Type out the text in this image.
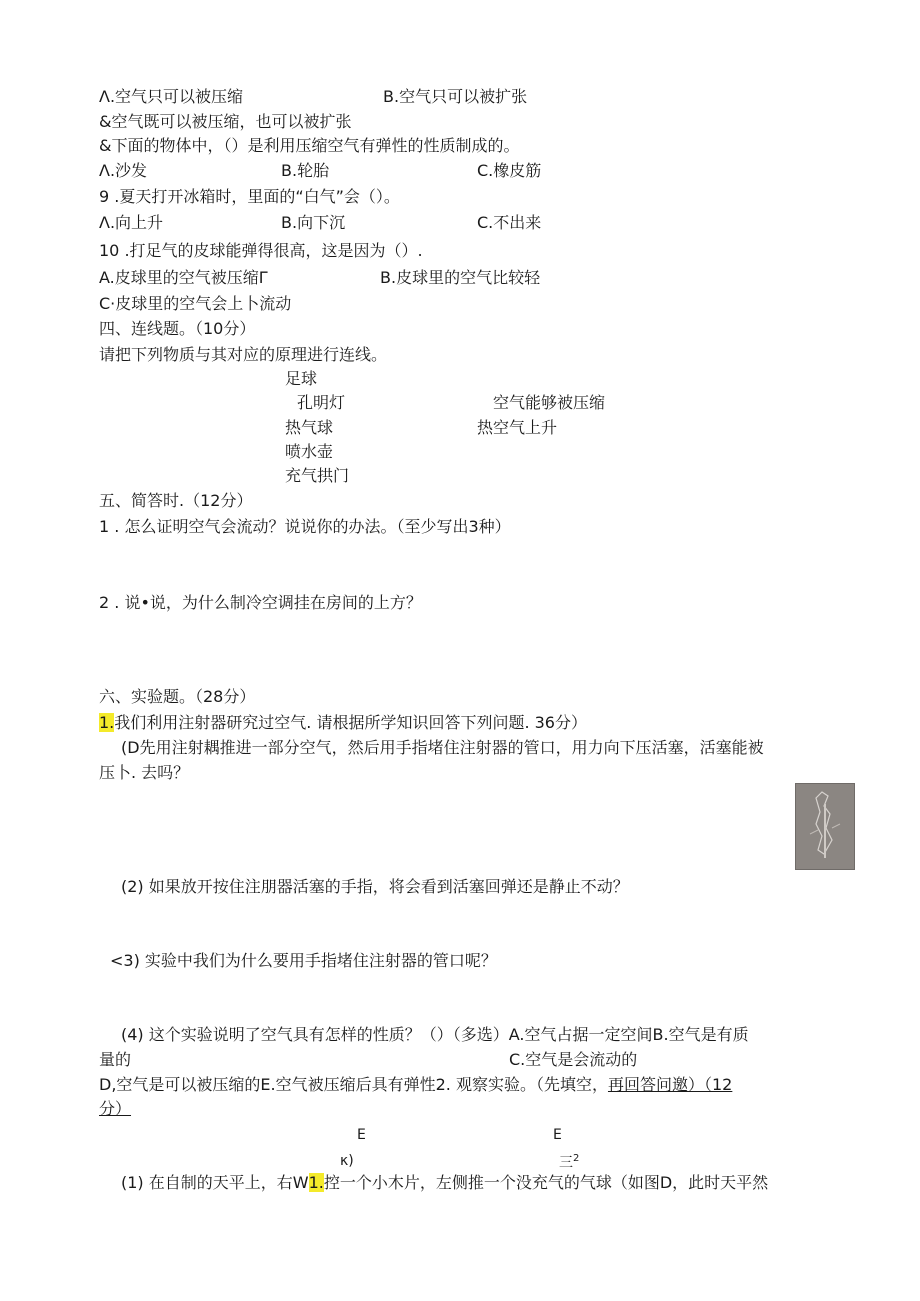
Λ.空气只可以被压缩	B.空气只可以被扩张
&空气既可以被压缩，也可以被扩张
&下面的物体中，（）是利用压缩空气有弹性的性质制成的。
Λ.沙发	B.轮胎	C.橡皮筋
9 .夏天打开冰箱时，里面的“白气”会（）。
Λ.向上升	B.向下沉	C.不出来
10 .打足气的皮球能弹得很高，这是因为（）.
A.皮球里的空气被压缩Γ	B.皮球里的空气比较轻
C·皮球里的空气会上卜流动
四、连线题。（10分）
请把下列物质与其对应的原理进行连线。
足球
孔明灯	空气能够被压缩
热气球	热空气上升
喷水壶
充气拱门
五、简答时.（12分）
1 . 怎么证明空气会流动？说说你的办法。（至少写出3种）
2 . 说•说，为什么制冷空调挂在房间的上方？
六、实验题。（28分）
1.我们利用注射器研究过空气. 请根据所学知识回答下列问题. 36分）
(D先用注射耦推进一部分空气，然后用手指堵住注射器的管口，用力向下压活塞，活塞能被
压卜. 去吗？
(2) 如果放开按住注朋器活塞的手指，将会看到活塞回弹还是静止不动？
<3) 实验中我们为什么要用手指堵住注射器的管口呢？
(4) 这个实验说明了空气具有怎样的性质？（）（多选）A.空气占据一定空间B.空气是有质
量的	C.空气是会流动的
D,空气是可以被压缩的E.空气被压缩后具有弹性2. 观察实验。（先填空，再回答问邀）（12
分）
E
κ)
E
三$^2$
(1) 在自制的天平上，右W1.控一个小木片，左侧推一个没充气的气球（如图D，此时天平然
